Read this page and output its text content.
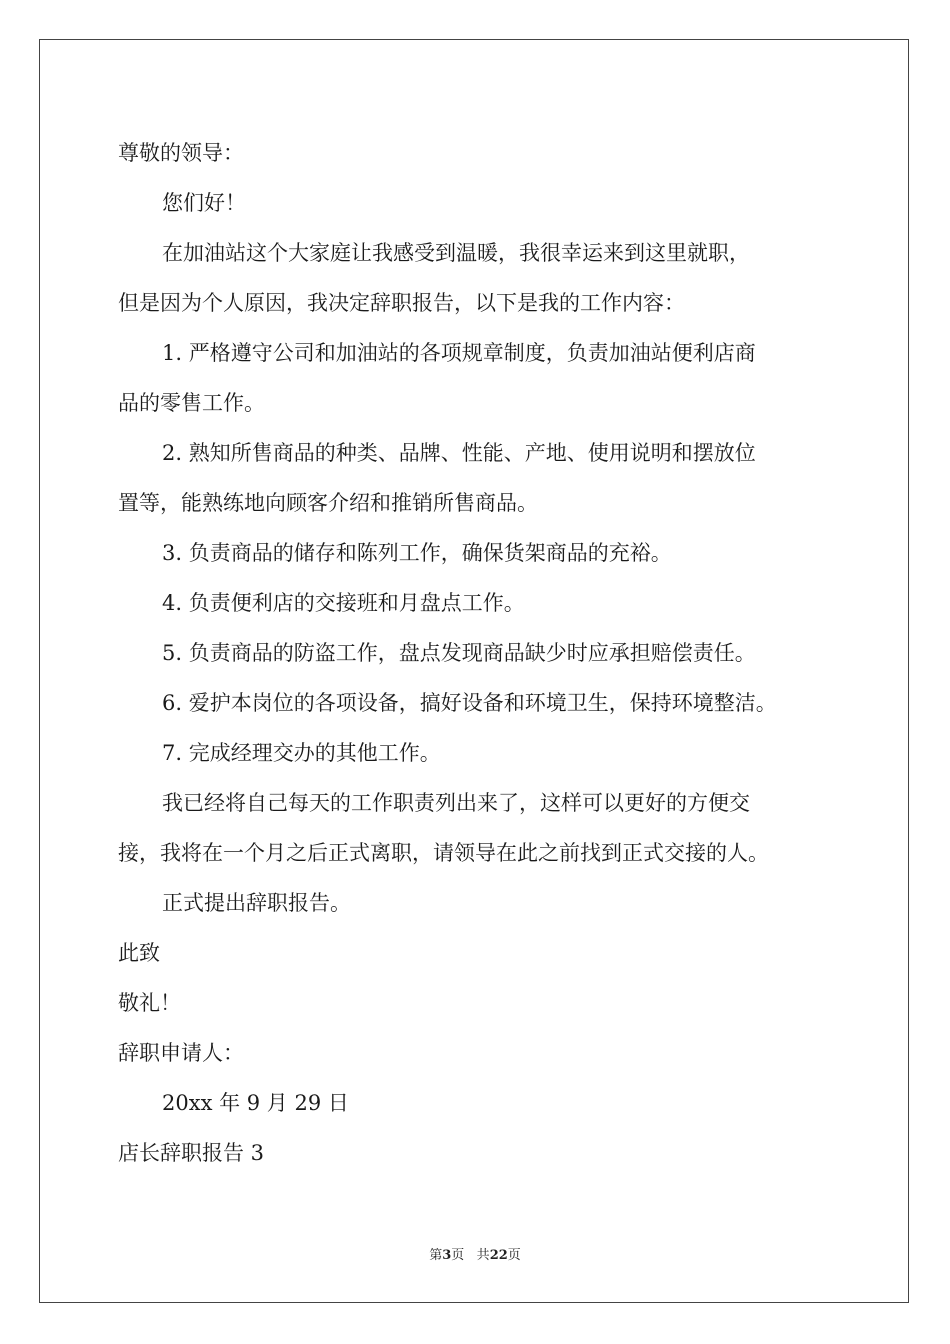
尊敬的领导：
您们好！
在加油站这个大家庭让我感受到温暖，我很幸运来到这里就职，
但是因为个人原因，我决定辞职报告，以下是我的工作内容：
1. 严格遵守公司和加油站的各项规章制度，负责加油站便利店商
品的零售工作。
2. 熟知所售商品的种类、品牌、性能、产地、使用说明和摆放位
置等，能熟练地向顾客介绍和推销所售商品。
3. 负责商品的储存和陈列工作，确保货架商品的充裕。
4. 负责便利店的交接班和月盘点工作。
5. 负责商品的防盗工作，盘点发现商品缺少时应承担赔偿责任。
6. 爱护本岗位的各项设备，搞好设备和环境卫生，保持环境整洁。
7. 完成经理交办的其他工作。
我已经将自己每天的工作职责列出来了，这样可以更好的方便交
接，我将在一个月之后正式离职，请领导在此之前找到正式交接的人。
正式提出辞职报告。
此致
敬礼！
辞职申请人：
20xx 年 9 月 29 日
店长辞职报告 3
第3页 共22页
